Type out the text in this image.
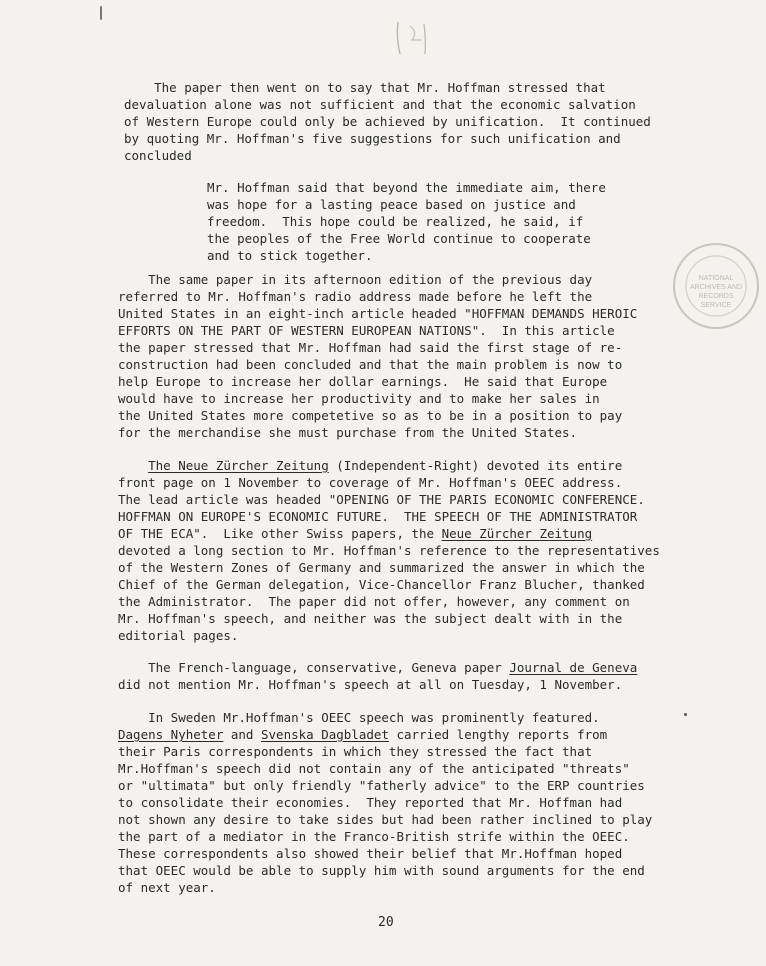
The paper then went on to say that Mr. Hoffman stressed that
devaluation alone was not sufficient and that the economic salvation
of Western Europe could only be achieved by unification.  It continued
by quoting Mr. Hoffman's five suggestions for such unification and
concluded
Mr. Hoffman said that beyond the immediate aim, there
was hope for a lasting peace based on justice and
freedom.  This hope could be realized, he said, if
the peoples of the Free World continue to cooperate
and to stick together.
NATIONAL
ARCHIVES AND
RECORDS
SERVICE
The same paper in its afternoon edition of the previous day
referred to Mr. Hoffman's radio address made before he left the
United States in an eight-inch article headed "HOFFMAN DEMANDS HEROIC
EFFORTS ON THE PART OF WESTERN EUROPEAN NATIONS".  In this article
the paper stressed that Mr. Hoffman had said the first stage of re-
construction had been concluded and that the main problem is now to
help Europe to increase her dollar earnings.  He said that Europe
would have to increase her productivity and to make her sales in
the United States more competetive so as to be in a position to pay
for the merchandise she must purchase from the United States.
The Neue Zürcher Zeitung (Independent-Right) devoted its entire
front page on 1 November to coverage of Mr. Hoffman's OEEC address.
The lead article was headed "OPENING OF THE PARIS ECONOMIC CONFERENCE.
HOFFMAN ON EUROPE'S ECONOMIC FUTURE.  THE SPEECH OF THE ADMINISTRATOR
OF THE ECA".  Like other Swiss papers, the Neue Zürcher Zeitung
devoted a long section to Mr. Hoffman's reference to the representatives
of the Western Zones of Germany and summarized the answer in which the
Chief of the German delegation, Vice-Chancellor Franz Blucher, thanked
the Administrator.  The paper did not offer, however, any comment on
Mr. Hoffman's speech, and neither was the subject dealt with in the
editorial pages.
The French-language, conservative, Geneva paper Journal de Geneva
did not mention Mr. Hoffman's speech at all on Tuesday, 1 November.
In Sweden Mr.Hoffman's OEEC speech was prominently featured.
Dagens Nyheter and Svenska Dagbladet carried lengthy reports from
their Paris correspondents in which they stressed the fact that
Mr.Hoffman's speech did not contain any of the anticipated "threats"
or "ultimata" but only friendly "fatherly advice" to the ERP countries
to consolidate their economies.  They reported that Mr. Hoffman had
not shown any desire to take sides but had been rather inclined to play
the part of a mediator in the Franco-British strife within the OEEC.
These correspondents also showed their belief that Mr.Hoffman hoped
that OEEC would be able to supply him with sound arguments for the end
of next year.
20
